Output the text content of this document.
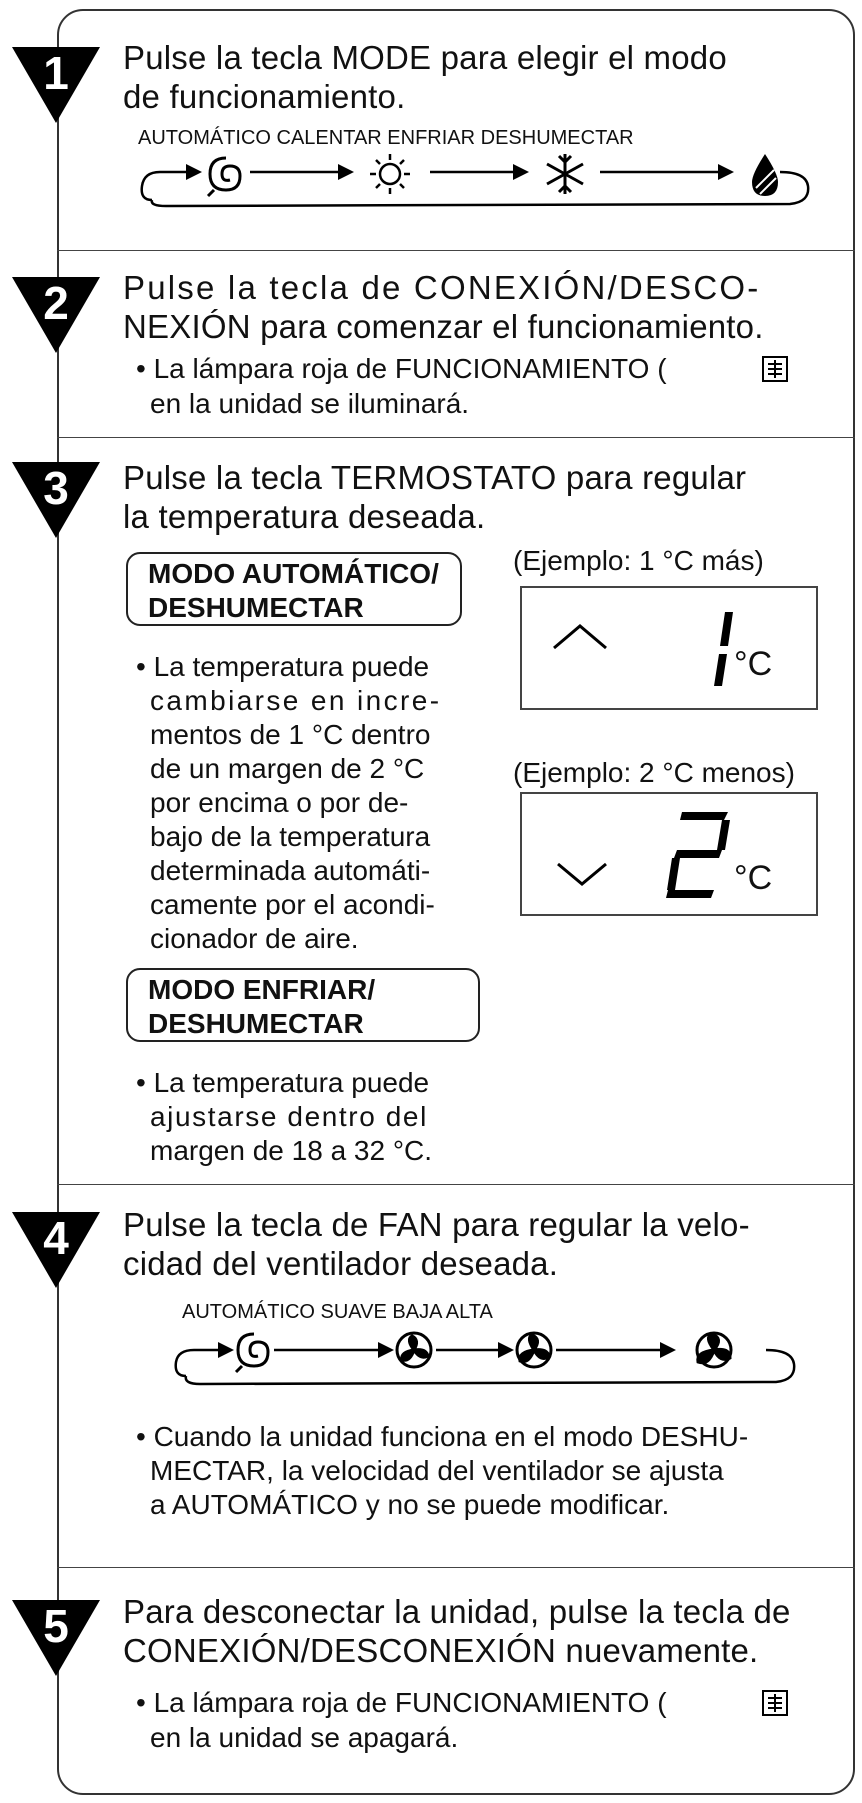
1
2
3
4
5
Pulse la tecla MODE para elegir el modo
de funcionamiento.
AUTOMÁTICO CALENTAR ENFRIAR DESHUMECTAR
Pulse la tecla de CONEXIÓN/DESCO-
NEXIÓN para comenzar el funcionamiento.
• La lámpara roja de FUNCIONAMIENTO (
en la unidad se iluminará.
Pulse la tecla TERMOSTATO para regular
la temperatura deseada.
MODO AUTOMÁTICO/
DESHUMECTAR
• La temperatura puede
cambiarse en incre-
mentos de 1 °C dentro
de un margen de 2 °C
por encima o por de-
bajo de la temperatura
determinada automáti-
camente por el acondi-
cionador de aire.
MODO ENFRIAR/
DESHUMECTAR
• La temperatura puede
ajustarse dentro del
margen de 18 a 32 °C.
(Ejemplo: 1 °C más)
°C
(Ejemplo: 2 °C menos)
°C
Pulse la tecla de FAN para regular la velo-
cidad del ventilador deseada.
AUTOMÁTICO SUAVE BAJA ALTA
• Cuando la unidad funciona en el modo DESHU-
MECTAR, la velocidad del ventilador se ajusta
a AUTOMÁTICO y no se puede modificar.
Para desconectar la unidad, pulse la tecla de
CONEXIÓN/DESCONEXIÓN nuevamente.
• La lámpara roja de FUNCIONAMIENTO (
en la unidad se apagará.
